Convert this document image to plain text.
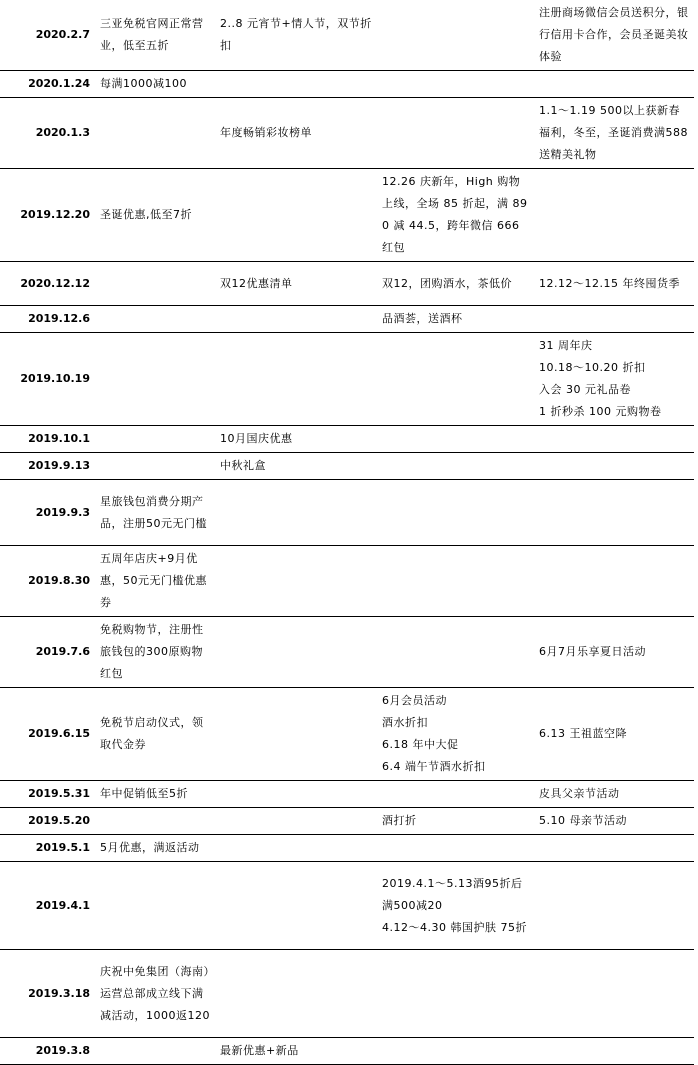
2020.2.7	三亚免税官网正常营业，低至五折	2..8 元宵节+情人节，双节折扣		注册商场微信会员送积分，银行信用卡合作，会员圣诞美妆体验
2020.1.24	每满1000减100			
2020.1.3		年度畅销彩妆榜单		1.1～1.19 500以上获新春福利，冬至，圣诞消费满588送精美礼物
2019.12.20	圣诞优惠,低至7折		12.26 庆新年，High 购物上线，全场 85 折起，满 890 减 44.5，跨年微信 666 红包	
2020.12.12		双12优惠清单	双12，团购酒水，茶低价	12.12～12.15 年终囤货季
2019.12.6			品酒荟，送酒杯	
2019.10.19				31 周年庆
10.18～10.20 折扣
入会 30 元礼品卷
1 折秒杀 100 元购物卷

2019.10.1		10月国庆优惠		
2019.9.13		中秋礼盒		
2019.9.3	星旅钱包消费分期产品，注册50元无门槛			
2019.8.30	五周年店庆+9月优惠，50元无门槛优惠券			
2019.7.6	免税购物节，注册性旅钱包的300原购物红包			6月7月乐享夏日活动
2019.6.15	免税节启动仪式，领取代金券		6月会员活动
酒水折扣
6.18 年中大促
6.4 端午节酒水折扣	6.13 王祖蓝空降
2019.5.31	年中促销低至5折			皮具父亲节活动
2019.5.20			酒打折	5.10 母亲节活动
2019.5.1	5月优惠，满返活动			
2019.4.1			2019.4.1～5.13酒95折后满500减20
4.12～4.30 韩国护肤 75折	

2019.3.18	庆祝中免集团（海南）运营总部成立线下满减活动，1000返120			
2019.3.8		最新优惠+新品		
